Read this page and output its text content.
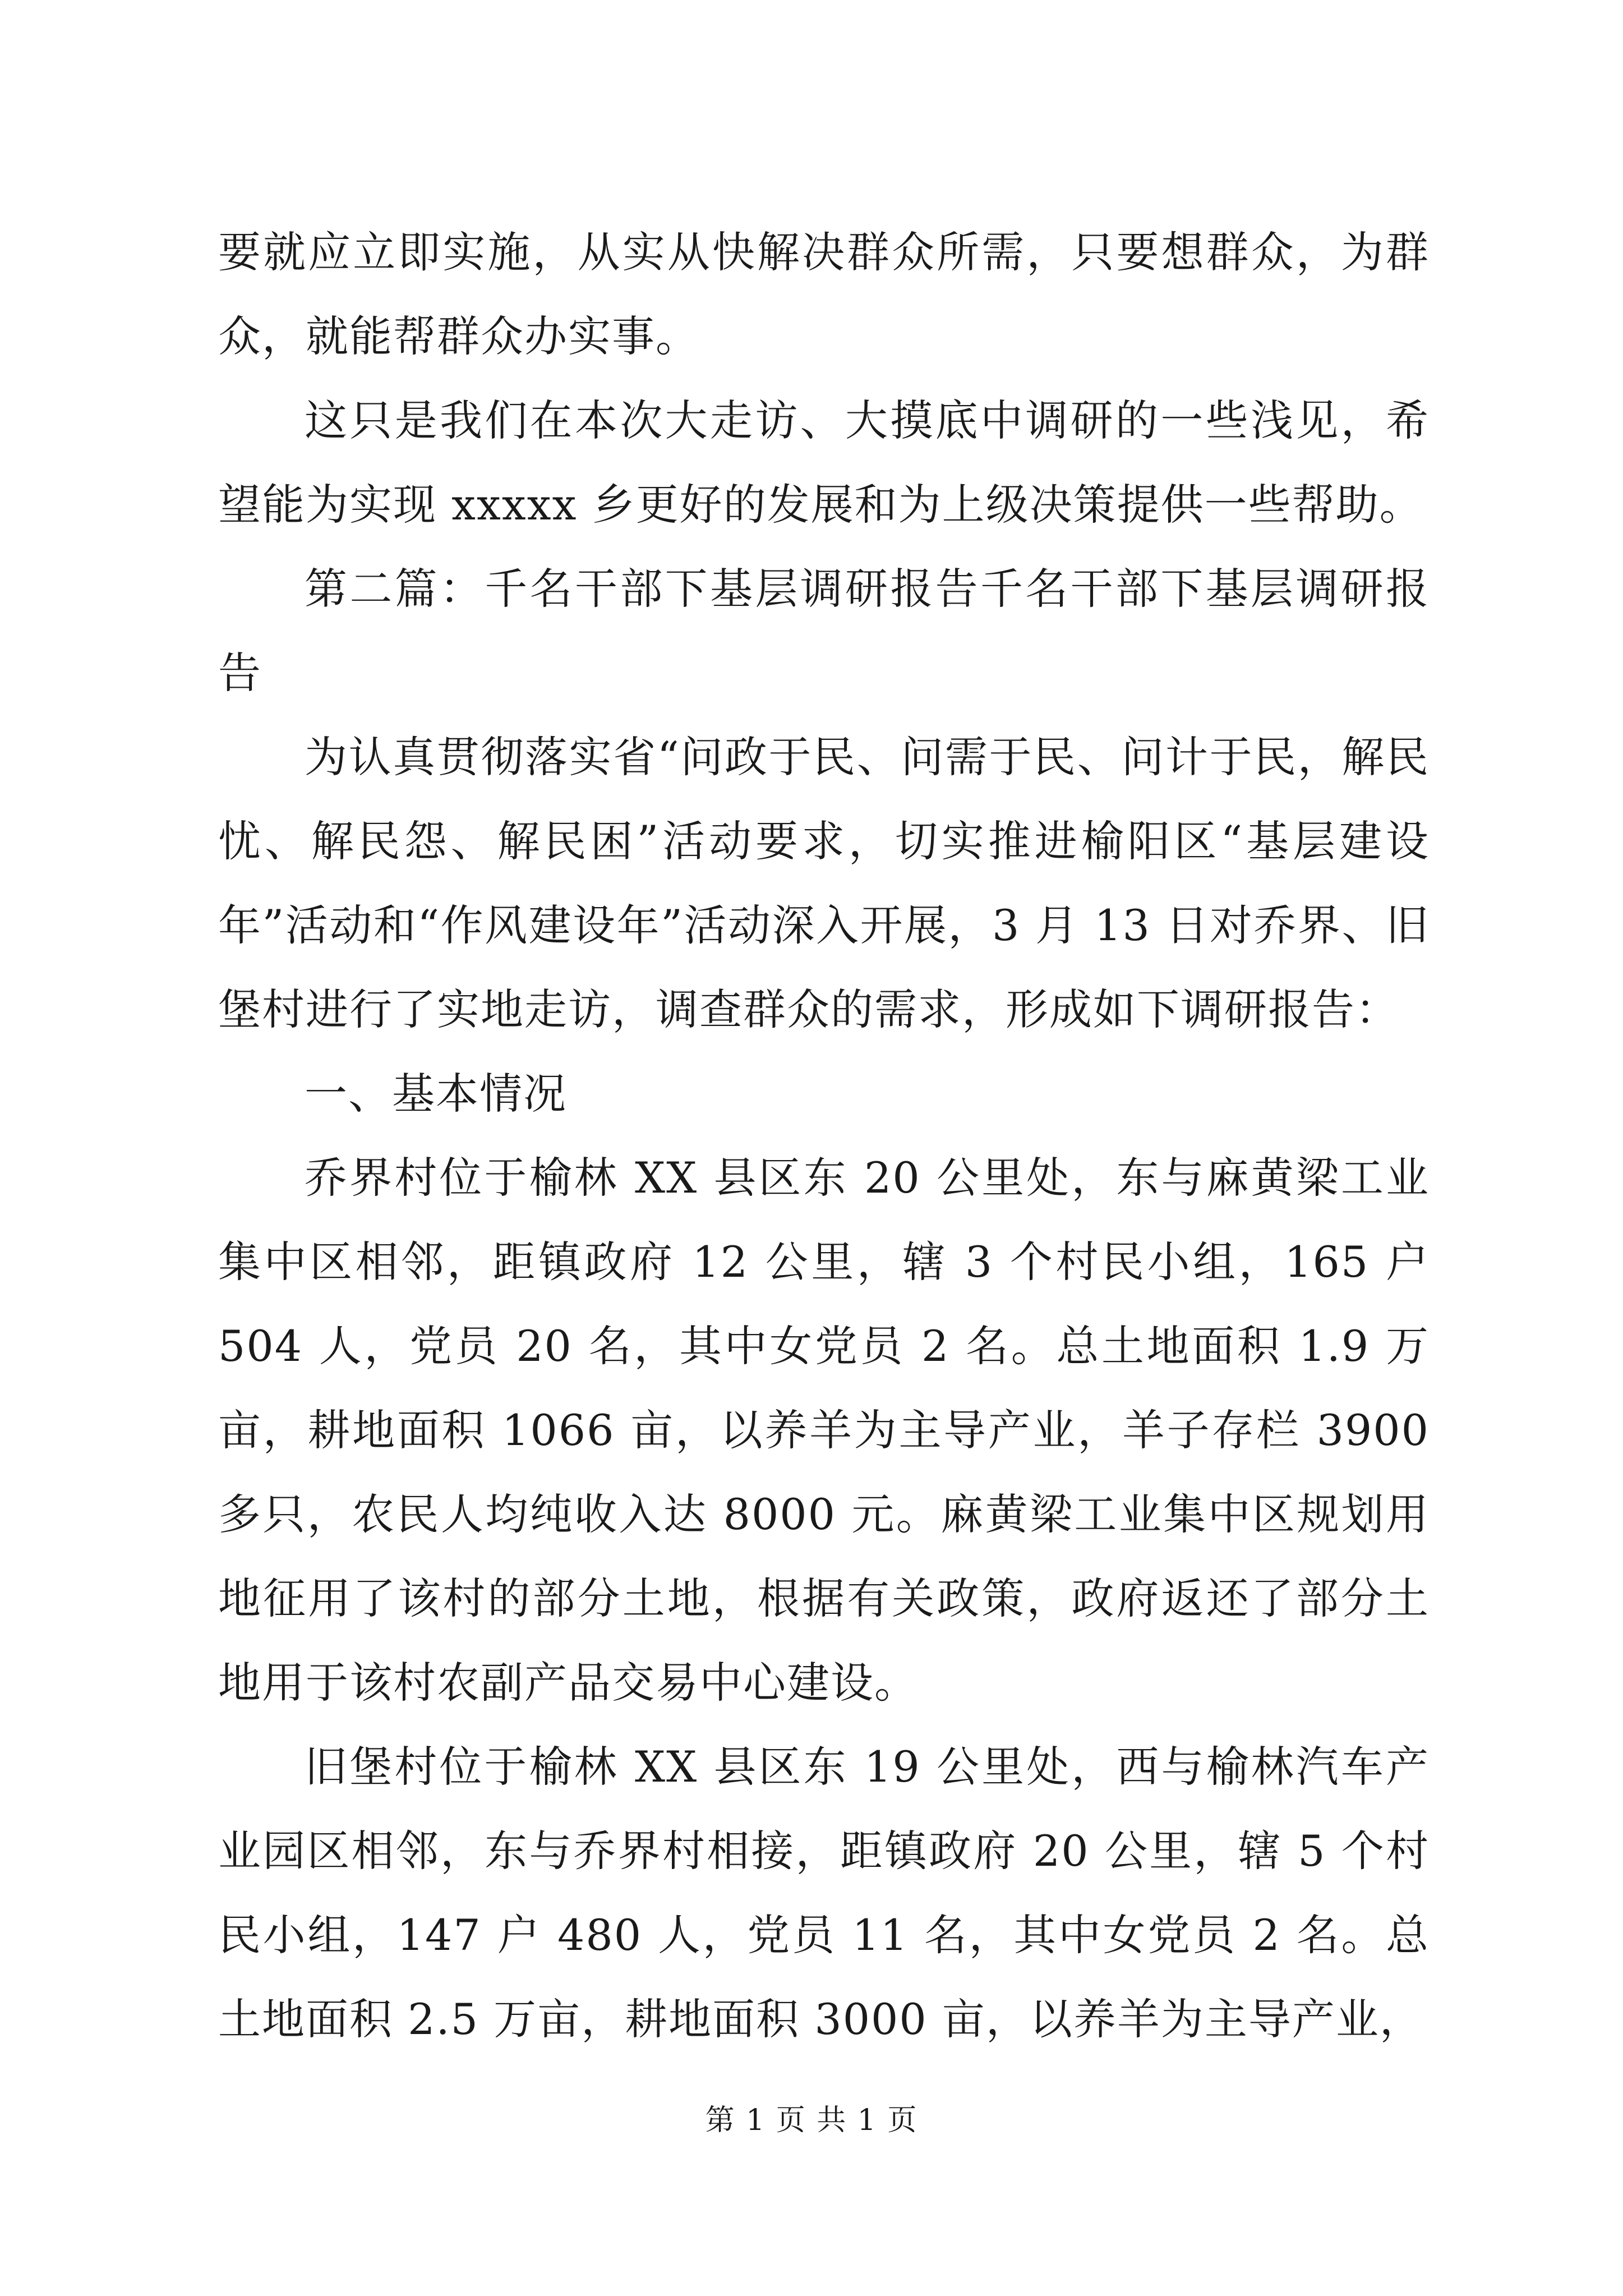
要就应立即实施，从实从快解决群众所需，只要想群众，为群众，就能帮群众办实事。

这只是我们在本次大走访、大摸底中调研的一些浅见，希望能为实现 xxxxx 乡更好的发展和为上级决策提供一些帮助。

第二篇：千名干部下基层调研报告千名干部下基层调研报告

为认真贯彻落实省“问政于民、问需于民、问计于民，解民忧、解民怨、解民困”活动要求，切实推进榆阳区“基层建设年”活动和“作风建设年”活动深入开展，3 月 13 日对乔界、旧堡村进行了实地走访，调查群众的需求，形成如下调研报告：

一、基本情况

乔界村位于榆林 XX 县区东 20 公里处，东与麻黄梁工业集中区相邻，距镇政府 12 公里，辖 3 个村民小组，165 户 504 人，党员 20 名，其中女党员 2 名。总土地面积 1.9 万亩，耕地面积 1066 亩，以养羊为主导产业，羊子存栏 3900 多只，农民人均纯收入达 8000 元。麻黄梁工业集中区规划用地征用了该村的部分土地，根据有关政策，政府返还了部分土地用于该村农副产品交易中心建设。

旧堡村位于榆林 XX 县区东 19 公里处，西与榆林汽车产业园区相邻，东与乔界村相接，距镇政府 20 公里，辖 5 个村民小组，147 户 480 人，党员 11 名，其中女党员 2 名。总土地面积 2.5 万亩，耕地面积 3000 亩，以养羊为主导产业，

第 1 页 共 1 页
